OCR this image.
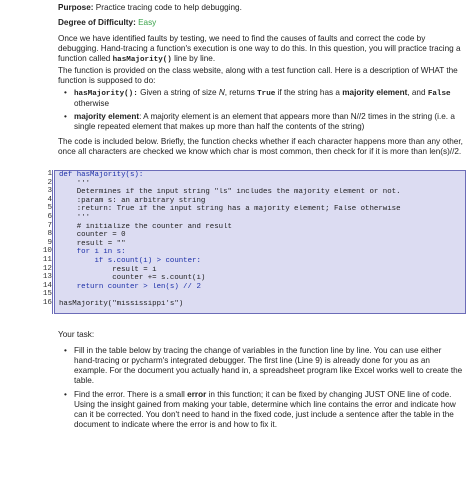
Purpose: Practice tracing code to help debugging.
Degree of Difficulty: Easy
Once we have identified faults by testing, we need to find the causes of faults and correct the code by debugging. Hand-tracing a function's execution is one way to do this. In this question, you will practice tracing a function called hasMajority() line by line.
The function is provided on the class website, along with a test function call. Here is a description of WHAT the function is supposed to do:
• hasMajority(): Given a string of size N, returns True if the string has a majority element, and False otherwise
• majority element: A majority element is an element that appears more than N//2 times in the string (i.e. a single repeated element that makes up more than half the contents of the string)
The code is included below. Briefly, the function checks whether if each character happens more than any other, once all characters are checked we know which char is most common, then check for if it is more than len(s)//2.
1
2
3
4
5
6
7
8
9
10
11
12
13
14
15
16
def hasMajority(s):
'''
Determines if the input string "ls" includes the majority element or not.
:param s: an arbitrary string
:return: True if the input string has a majority element; False otherwise
'''
# initialize the counter and result
counter = 0
result = ""
for i in s:
if s.count(i) > counter:
result = i
counter += s.count(i)
return counter > len(s) // 2
hasMajority("mississippi's")
Your task:
• Fill in the table below by tracing the change of variables in the function line by line. You can use either hand-tracing or pycharm's integrated debugger. The first line (Line 9) is already done for you as an example. For the document you actually hand in, a spreadsheet program like Excel works well to create the table.
• Find the error. There is a small error in this function; it can be fixed by changing JUST ONE line of code. Using the insight gained from making your table, determine which line contains the error and indicate how can it be corrected. You don't need to hand in the fixed code, just include a sentence after the table in the document to indicate where the error is and how to fix it.
